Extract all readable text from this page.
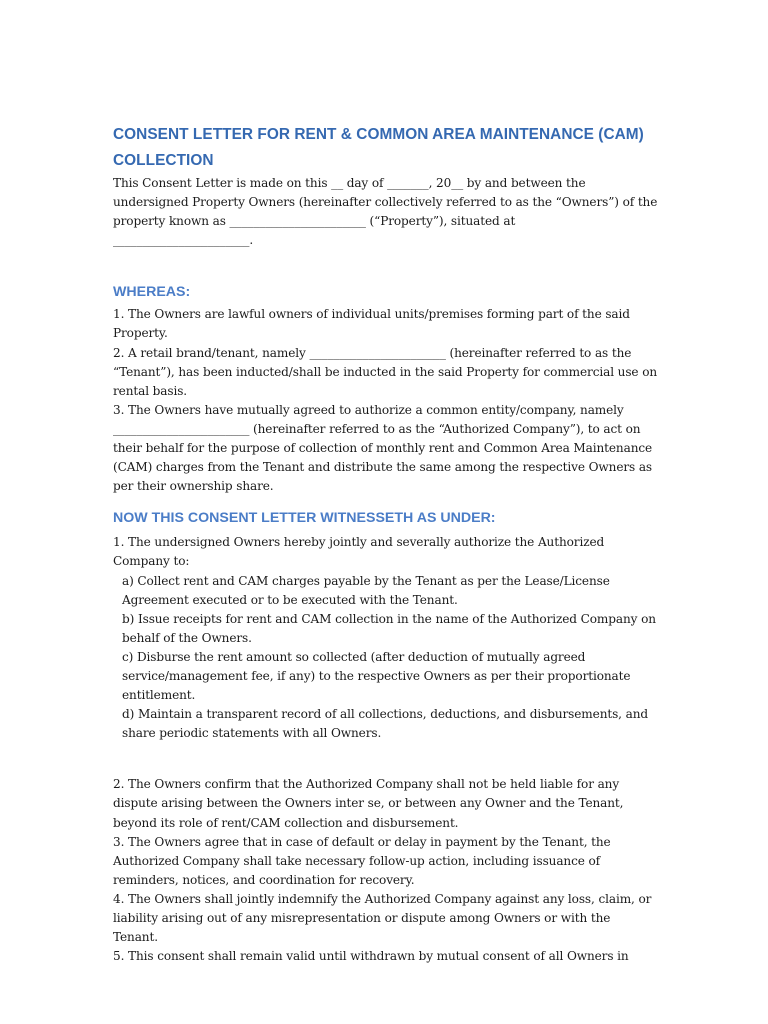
CONSENT LETTER FOR RENT & COMMON AREA MAINTENANCE (CAM) COLLECTION

This Consent Letter is made on this __ day of _______, 20__ by and between the undersigned Property Owners (hereinafter collectively referred to as the “Owners”) of the property known as _______________________ (“Property”), situated at _______________________.

WHEREAS:

1. The Owners are lawful owners of individual units/premises forming part of the said Property.

2. A retail brand/tenant, namely _______________________ (hereinafter referred to as the “Tenant”), has been inducted/shall be inducted in the said Property for commercial use on rental basis.

3. The Owners have mutually agreed to authorize a common entity/company, namely _______________________ (hereinafter referred to as the “Authorized Company”), to act on their behalf for the purpose of collection of monthly rent and Common Area Maintenance (CAM) charges from the Tenant and distribute the same among the respective Owners as per their ownership share.

NOW THIS CONSENT LETTER WITNESSETH AS UNDER:

1. The undersigned Owners hereby jointly and severally authorize the Authorized Company to:

a) Collect rent and CAM charges payable by the Tenant as per the Lease/License Agreement executed or to be executed with the Tenant.

b) Issue receipts for rent and CAM collection in the name of the Authorized Company on behalf of the Owners.

c) Disburse the rent amount so collected (after deduction of mutually agreed service/management fee, if any) to the respective Owners as per their proportionate entitlement.

d) Maintain a transparent record of all collections, deductions, and disbursements, and share periodic statements with all Owners.

2. The Owners confirm that the Authorized Company shall not be held liable for any dispute arising between the Owners inter se, or between any Owner and the Tenant, beyond its role of rent/CAM collection and disbursement.

3. The Owners agree that in case of default or delay in payment by the Tenant, the Authorized Company shall take necessary follow-up action, including issuance of reminders, notices, and coordination for recovery.

4. The Owners shall jointly indemnify the Authorized Company against any loss, claim, or liability arising out of any misrepresentation or dispute among Owners or with the Tenant.

5. This consent shall remain valid until withdrawn by mutual consent of all Owners in
